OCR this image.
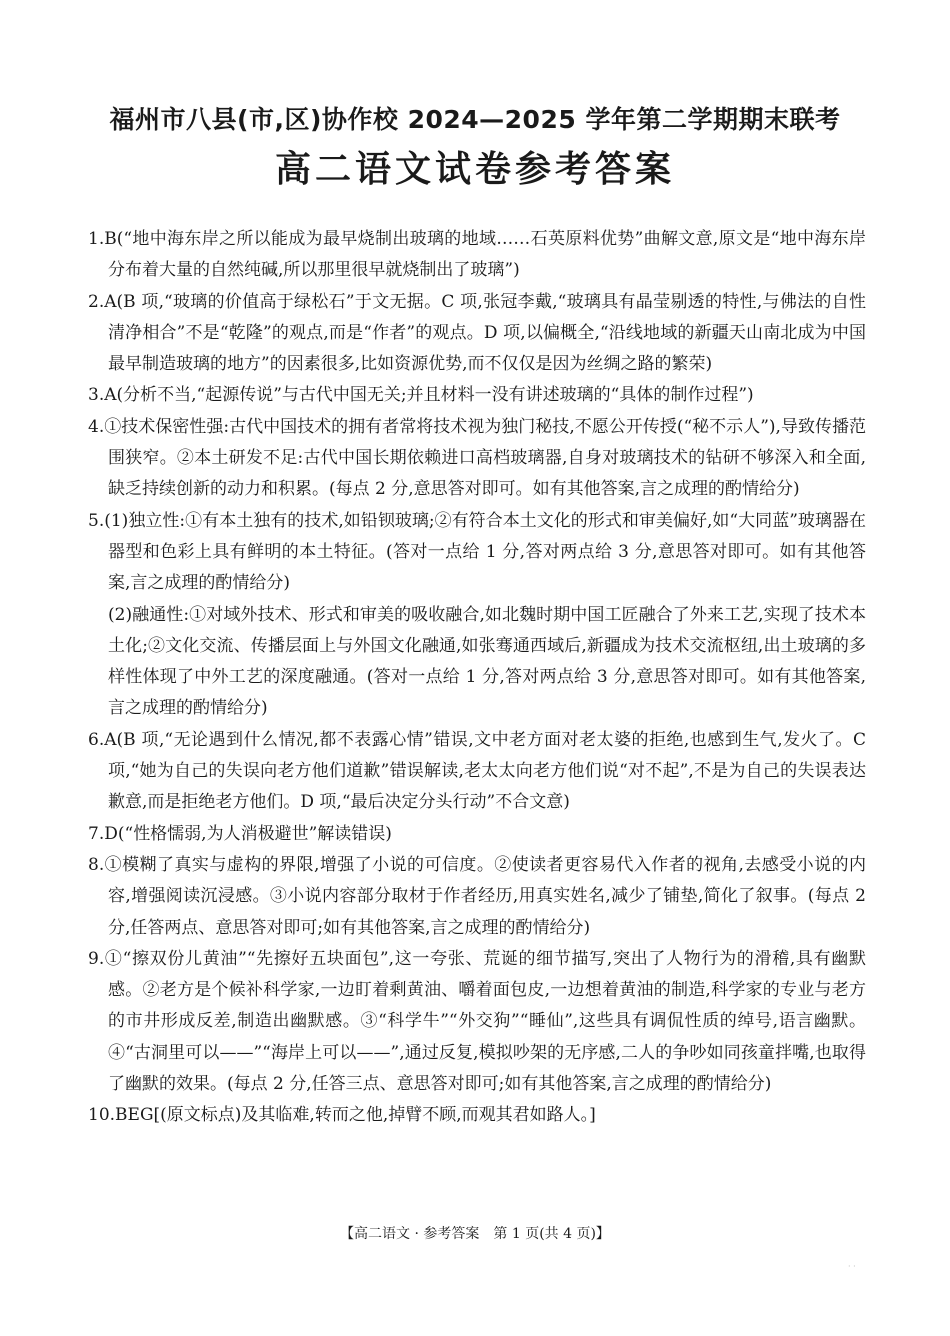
福州市八县(市,区)协作校 2024—2025 学年第二学期期末联考

高二语文试卷参考答案

1.B(“地中海东岸之所以能成为最早烧制出玻璃的地域……石英原料优势”曲解文意,原文是“地中海东岸分布着大量的自然纯碱,所以那里很早就烧制出了玻璃”)

2.A(B 项,“玻璃的价值高于绿松石”于文无据。C 项,张冠李戴,“玻璃具有晶莹剔透的特性,与佛法的自性清净相合”不是“乾隆”的观点,而是“作者”的观点。D 项,以偏概全,“沿线地域的新疆天山南北成为中国最早制造玻璃的地方”的因素很多,比如资源优势,而不仅仅是因为丝绸之路的繁荣)

3.A(分析不当,“起源传说”与古代中国无关;并且材料一没有讲述玻璃的“具体的制作过程”)

4.①技术保密性强:古代中国技术的拥有者常将技术视为独门秘技,不愿公开传授(“秘不示人”),导致传播范围狭窄。②本土研发不足:古代中国长期依赖进口高档玻璃器,自身对玻璃技术的钻研不够深入和全面,缺乏持续创新的动力和积累。(每点 2 分,意思答对即可。如有其他答案,言之成理的酌情给分)

5.(1)独立性:①有本土独有的技术,如铅钡玻璃;②有符合本土文化的形式和审美偏好,如“大同蓝”玻璃器在器型和色彩上具有鲜明的本土特征。(答对一点给 1 分,答对两点给 3 分,意思答对即可。如有其他答案,言之成理的酌情给分)

(2)融通性:①对域外技术、形式和审美的吸收融合,如北魏时期中国工匠融合了外来工艺,实现了技术本土化;②文化交流、传播层面上与外国文化融通,如张骞通西域后,新疆成为技术交流枢纽,出土玻璃的多样性体现了中外工艺的深度融通。(答对一点给 1 分,答对两点给 3 分,意思答对即可。如有其他答案,言之成理的酌情给分)

6.A(B 项,“无论遇到什么情况,都不表露心情”错误,文中老方面对老太婆的拒绝,也感到生气,发火了。C 项,“她为自己的失误向老方他们道歉”错误解读,老太太向老方他们说“对不起”,不是为自己的失误表达歉意,而是拒绝老方他们。D 项,“最后决定分头行动”不合文意)

7.D(“性格懦弱,为人消极避世”解读错误)

8.①模糊了真实与虚构的界限,增强了小说的可信度。②使读者更容易代入作者的视角,去感受小说的内容,增强阅读沉浸感。③小说内容部分取材于作者经历,用真实姓名,减少了铺垫,简化了叙事。(每点 2 分,任答两点、意思答对即可;如有其他答案,言之成理的酌情给分)

9.①“擦双份儿黄油”“先擦好五块面包”,这一夸张、荒诞的细节描写,突出了人物行为的滑稽,具有幽默感。②老方是个候补科学家,一边盯着剩黄油、嚼着面包皮,一边想着黄油的制造,科学家的专业与老方的市井形成反差,制造出幽默感。③“科学牛”“外交狗”“睡仙”,这些具有调侃性质的绰号,语言幽默。④“古洞里可以——”“海岸上可以——”,通过反复,模拟吵架的无序感,二人的争吵如同孩童拌嘴,也取得了幽默的效果。(每点 2 分,任答三点、意思答对即可;如有其他答案,言之成理的酌情给分)

10.BEG[(原文标点)及其临难,转而之他,掉臂不顾,而观其君如路人。]

【高二语文 · 参考答案　第 1 页(共 4 页)】
· ·
